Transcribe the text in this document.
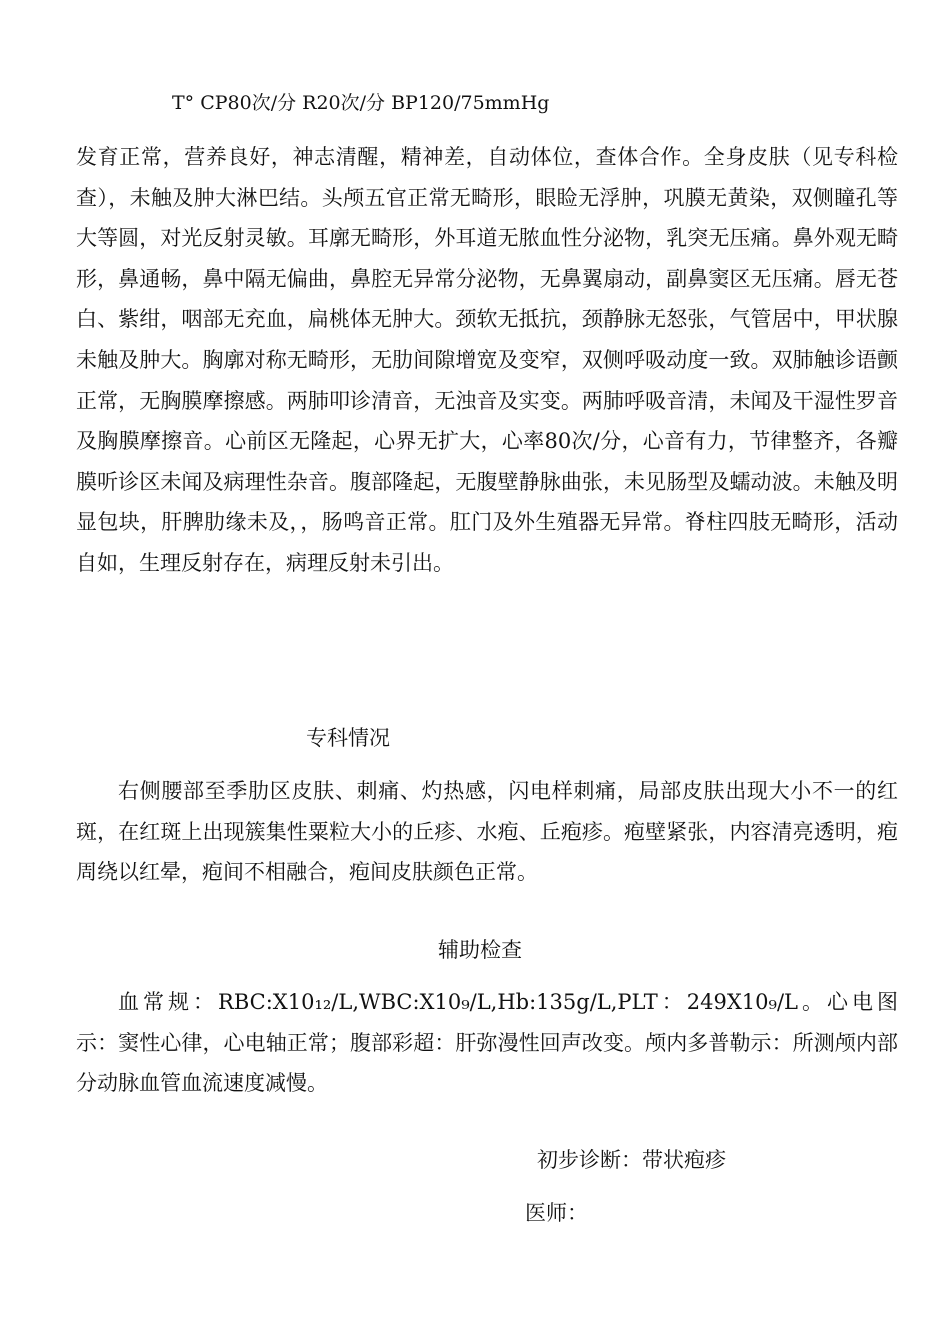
T° CP80次/分 R20次/分 BP120/75mmHg

发育正常，营养良好，神志清醒，精神差，自动体位，查体合作。全身皮肤（见专科检查），未触及肿大淋巴结。头颅五官正常无畸形，眼睑无浮肿，巩膜无黄染，双侧瞳孔等大等圆，对光反射灵敏。耳廓无畸形，外耳道无脓血性分泌物，乳突无压痛。鼻外观无畸形，鼻通畅，鼻中隔无偏曲，鼻腔无异常分泌物，无鼻翼扇动，副鼻窦区无压痛。唇无苍白、紫绀，咽部无充血，扁桃体无肿大。颈软无抵抗，颈静脉无怒张，气管居中，甲状腺未触及肿大。胸廓对称无畸形，无肋间隙增宽及变窄，双侧呼吸动度一致。双肺触诊语颤正常，无胸膜摩擦感。两肺叩诊清音，无浊音及实变。两肺呼吸音清，未闻及干湿性罗音及胸膜摩擦音。心前区无隆起，心界无扩大，心率80次/分，心音有力，节律整齐，各瓣膜听诊区未闻及病理性杂音。腹部隆起，无腹壁静脉曲张，未见肠型及蠕动波。未触及明显包块，肝脾肋缘未及，，肠鸣音正常。肛门及外生殖器无异常。脊柱四肢无畸形，活动自如，生理反射存在，病理反射未引出。

专科情况

右侧腰部至季肋区皮肤、刺痛、灼热感，闪电样刺痛，局部皮肤出现大小不一的红斑，在红斑上出现簇集性粟粒大小的丘疹、水疱、丘疱疹。疱壁紧张，内容清亮透明，疱周绕以红晕，疱间不相融合，疱间皮肤颜色正常。

辅助检查

血常规：RBC:X10₁₂/L,WBC:X10₉/L,Hb:135g/L,PLT：249X10₉/L。心电图示：窦性心律，心电轴正常；腹部彩超：肝弥漫性回声改变。颅内多普勒示：所测颅内部分动脉血管血流速度减慢。

初步诊断：带状疱疹
医师：
